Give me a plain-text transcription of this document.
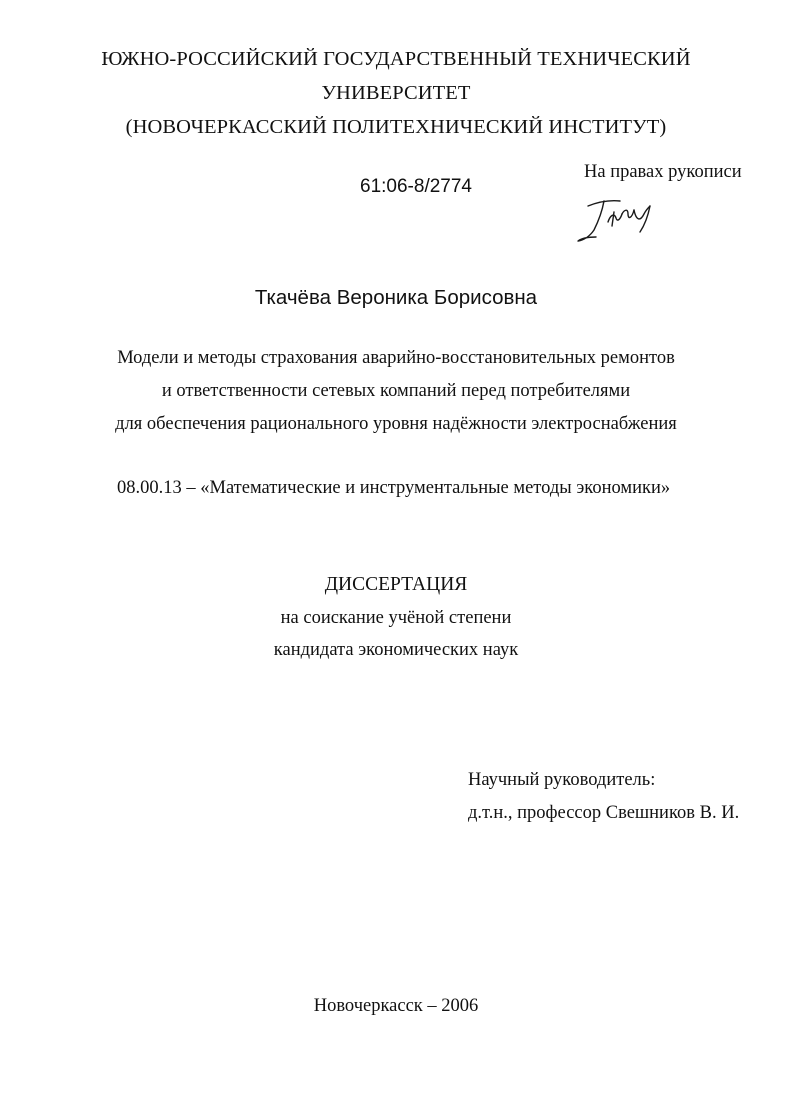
ЮЖНО-РОССИЙСКИЙ ГОСУДАРСТВЕННЫЙ ТЕХНИЧЕСКИЙ
УНИВЕРСИТЕТ
(НОВОЧЕРКАССКИЙ ПОЛИТЕХНИЧЕСКИЙ ИНСТИТУТ)
61:06-8/2774
На правах рукописи
Ткачёва Вероника Борисовна
Модели и методы страхования аварийно-восстановительных ремонтов
и ответственности сетевых компаний перед потребителями
для обеспечения рационального уровня надёжности электроснабжения
08.00.13 – «Математические и инструментальные методы экономики»
ДИССЕРТАЦИЯ
на соискание учёной степени
кандидата экономических наук
Научный руководитель:
д.т.н., профессор Свешников В. И.
Новочеркасск – 2006
